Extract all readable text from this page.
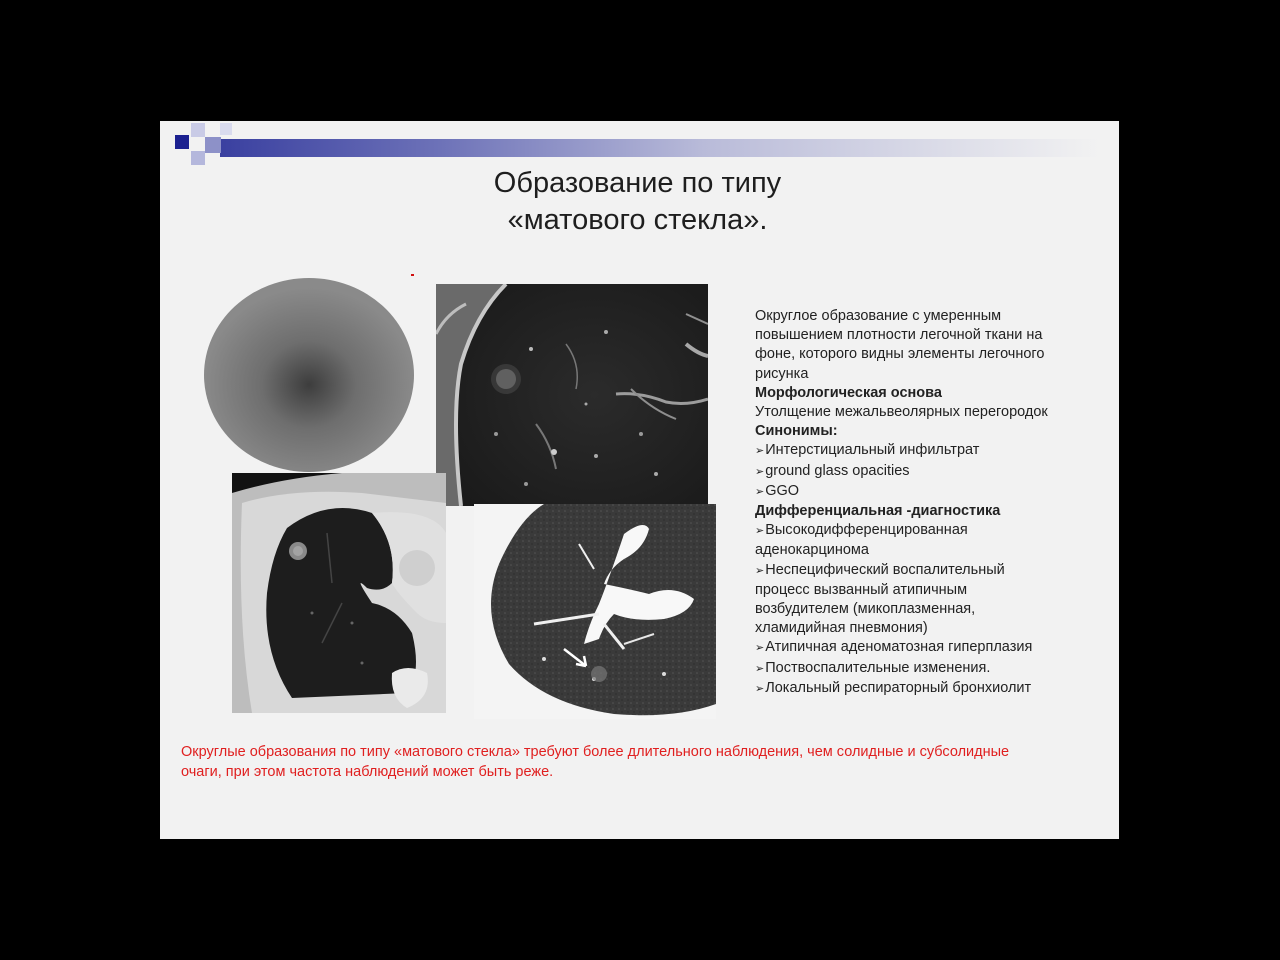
Образование по типу
«матового стекла».
Округлое образование с умеренным
повышением плотности легочной ткани на
фоне, которого видны элементы легочного
рисунка
Морфологическая основа
Утолщение межальвеолярных перегородок
Синонимы:
➢ Интерстициальный инфильтрат
➢ ground glass opacities
➢ GGO
Дифференциальная -диагностика
➢ Высокодифференцированная
аденокарцинома
➢ Неспецифический воспалительный
процесс вызванный атипичным
возбудителем (микоплазменная,
хламидийная пневмония)
➢ Атипичная аденоматозная гиперплазия
➢ Поствоспалительные изменения.
➢ Локальный респираторный бронхиолит
Округлые образования по типу «матового стекла» требуют более длительного наблюдения, чем солидные и субсолидные
очаги, при этом частота наблюдений может быть реже.
